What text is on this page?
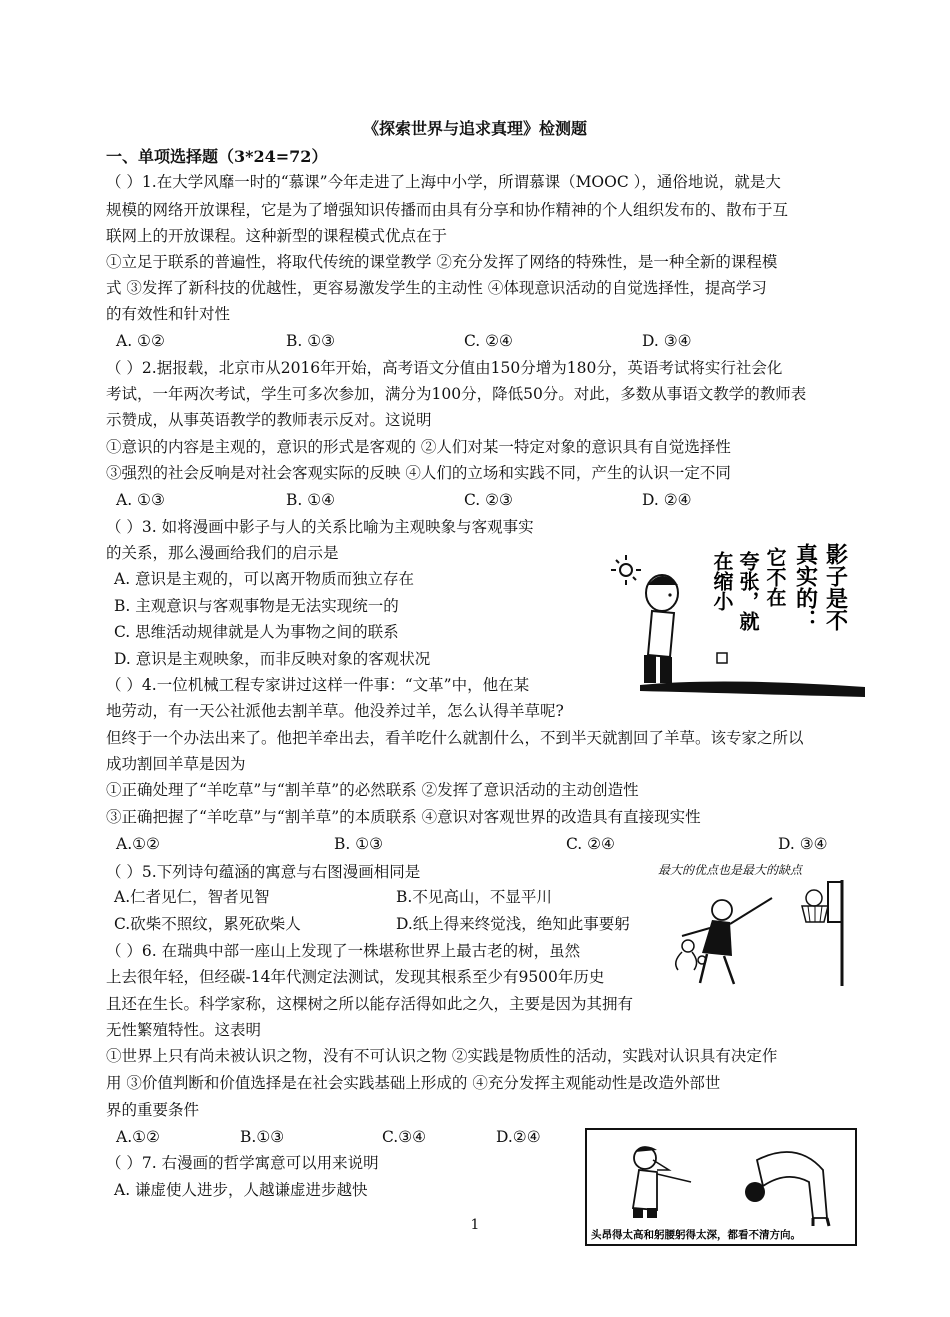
《探索世界与追求真理》检测题
一、单项选择题（3*24=72）
（ ）1.在大学风靡一时的“慕课”今年走进了上海中小学，所谓慕课（MOOC ），通俗地说，就是大
规模的网络开放课程，它是为了增强知识传播而由具有分享和协作精神的个人组织发布的、散布于互
联网上的开放课程。这种新型的课程模式优点在于
①立足于联系的普遍性，将取代传统的课堂教学 ②充分发挥了网络的特殊性，是一种全新的课程模
式 ③发挥了新科技的优越性，更容易激发学生的主动性 ④体现意识活动的自觉选择性，提高学习
的有效性和针对性
A. ①②	B. ①③	C. ②④	D. ③④
（ ）2.据报载，北京市从2016年开始，高考语文分值由150分增为180分，英语考试将实行社会化
考试，一年两次考试，学生可多次参加，满分为100分，降低50分。对此，多数从事语文教学的教师表
示赞成，从事英语教学的教师表示反对。这说明
①意识的内容是主观的，意识的形式是客观的 ②人们对某一特定对象的意识具有自觉选择性
③强烈的社会反响是对社会客观实际的反映 ④人们的立场和实践不同，产生的认识一定不同
A. ①③	B. ①④	C. ②③	D. ②④
（ ）3. 如将漫画中影子与人的关系比喻为主观映象与客观事实
的关系，那么漫画给我们的启示是
A. 意识是主观的，可以离开物质而独立存在
B. 主观意识与客观事物是无法实现统一的
C. 思维活动规律就是人为事物之间的联系
D. 意识是主观映象，而非反映对象的客观状况
影子是不
真实的：
它不在
夸张，就
在缩小
（ ）4.一位机械工程专家讲过这样一件事：“文革”中，他在某
地劳动，有一天公社派他去割羊草。他没养过羊，怎么认得羊草呢?
但终于一个办法出来了。他把羊牵出去，看羊吃什么就割什么，不到半天就割回了羊草。该专家之所以
成功割回羊草是因为
①正确处理了“羊吃草”与“割羊草”的必然联系 ②发挥了意识活动的主动创造性
③正确把握了“羊吃草”与“割羊草”的本质联系 ④意识对客观世界的改造具有直接现实性
A.①②	B. ①③	C. ②④	D. ③④
（ ）5.下列诗句蕴涵的寓意与右图漫画相同是
A.仁者见仁，智者见智	B.不见高山，不显平川
C.砍柴不照纹，累死砍柴人	D.纸上得来终觉浅，绝知此事要躬
最大的优点也是最大的缺点
（ ）6. 在瑞典中部一座山上发现了一株堪称世界上最古老的树，虽然
上去很年轻，但经碳-14年代测定法测试，发现其根系至少有9500年历史
且还在生长。科学家称，这棵树之所以能存活得如此之久，主要是因为其拥有
无性繁殖特性。这表明
①世界上只有尚未被认识之物，没有不可认识之物 ②实践是物质性的活动，实践对认识具有决定作
用 ③价值判断和价值选择是在社会实践基础上形成的 ④充分发挥主观能动性是改造外部世
界的重要条件
A.①②	B.①③	C.③④	D.②④
（ ）7. 右漫画的哲学寓意可以用来说明
A. 谦虚使人进步，人越谦虚进步越快
头昂得太高和躬腰躬得太深，都看不清方向。
1
